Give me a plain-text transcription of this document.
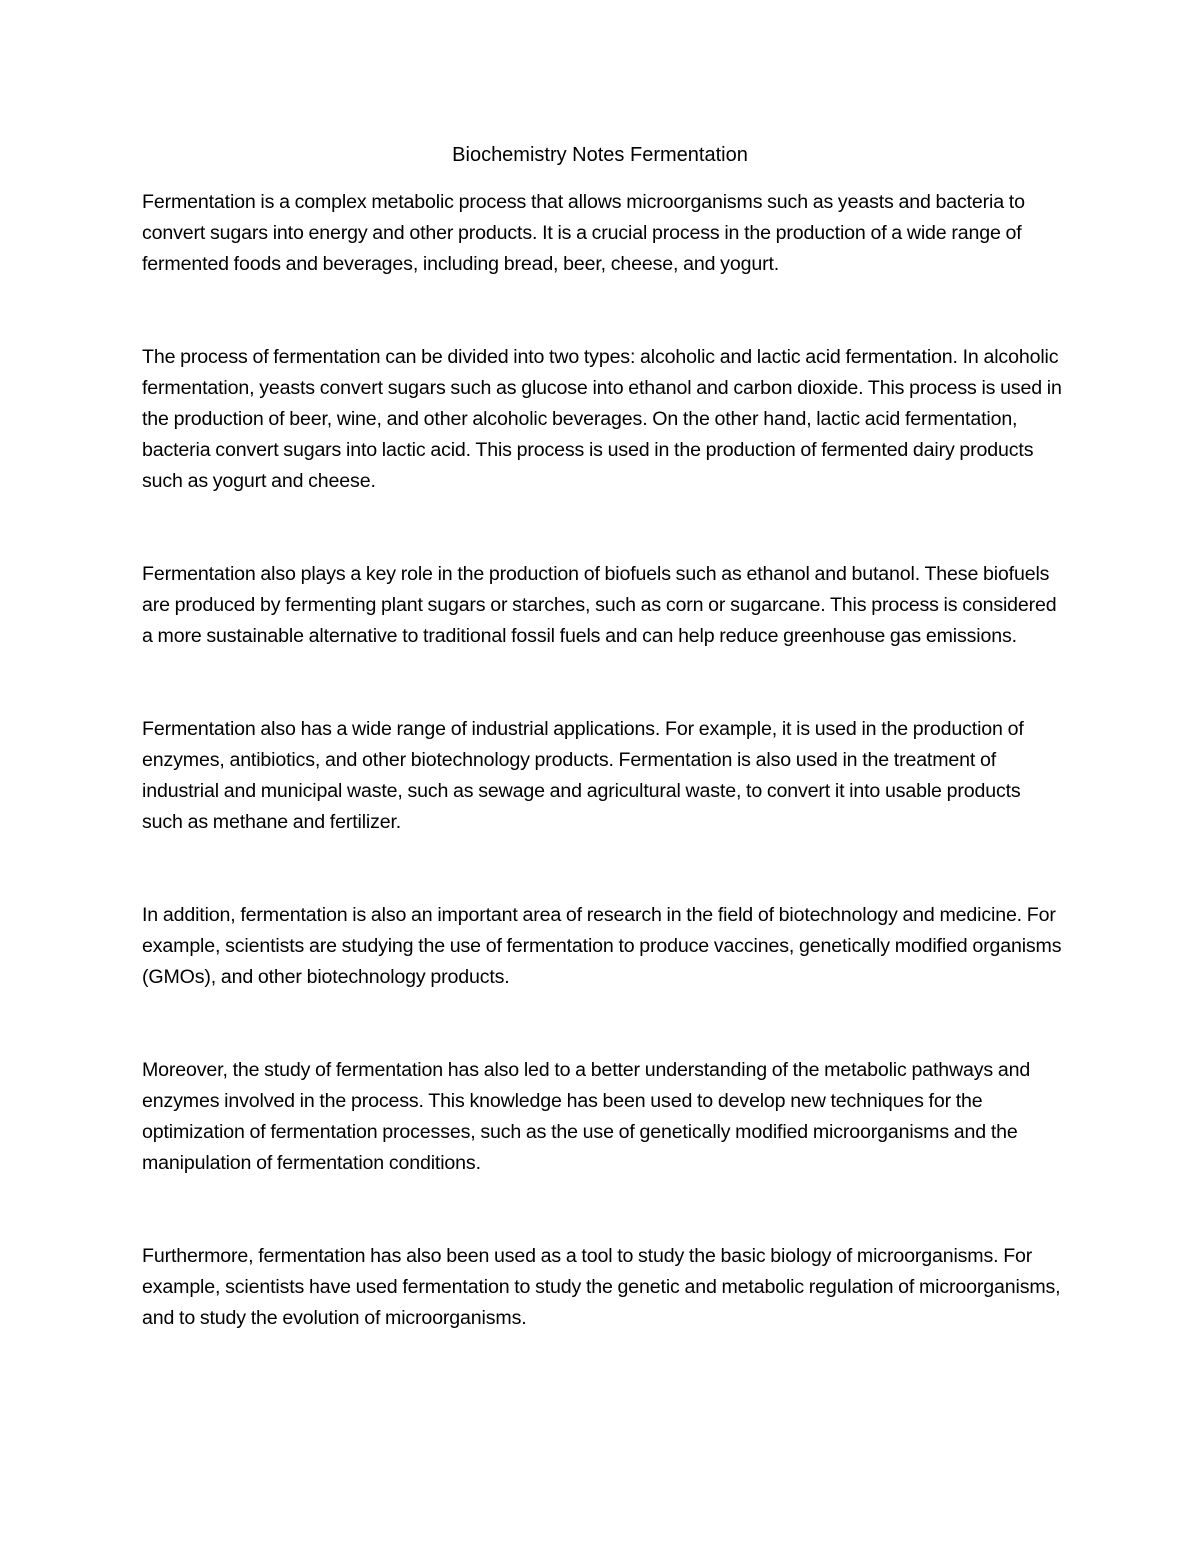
Biochemistry Notes Fermentation

Fermentation is a complex metabolic process that allows microorganisms such as yeasts and bacteria to convert sugars into energy and other products. It is a crucial process in the production of a wide range of fermented foods and beverages, including bread, beer, cheese, and yogurt.

The process of fermentation can be divided into two types: alcoholic and lactic acid fermentation. In alcoholic fermentation, yeasts convert sugars such as glucose into ethanol and carbon dioxide. This process is used in the production of beer, wine, and other alcoholic beverages. On the other hand, lactic acid fermentation, bacteria convert sugars into lactic acid. This process is used in the production of fermented dairy products such as yogurt and cheese.

Fermentation also plays a key role in the production of biofuels such as ethanol and butanol. These biofuels are produced by fermenting plant sugars or starches, such as corn or sugarcane. This process is considered a more sustainable alternative to traditional fossil fuels and can help reduce greenhouse gas emissions.

Fermentation also has a wide range of industrial applications. For example, it is used in the production of enzymes, antibiotics, and other biotechnology products. Fermentation is also used in the treatment of industrial and municipal waste, such as sewage and agricultural waste, to convert it into usable products such as methane and fertilizer.

In addition, fermentation is also an important area of research in the field of biotechnology and medicine. For example, scientists are studying the use of fermentation to produce vaccines, genetically modified organisms (GMOs), and other biotechnology products.

Moreover, the study of fermentation has also led to a better understanding of the metabolic pathways and enzymes involved in the process. This knowledge has been used to develop new techniques for the optimization of fermentation processes, such as the use of genetically modified microorganisms and the manipulation of fermentation conditions.

Furthermore, fermentation has also been used as a tool to study the basic biology of microorganisms. For example, scientists have used fermentation to study the genetic and metabolic regulation of microorganisms, and to study the evolution of microorganisms.
